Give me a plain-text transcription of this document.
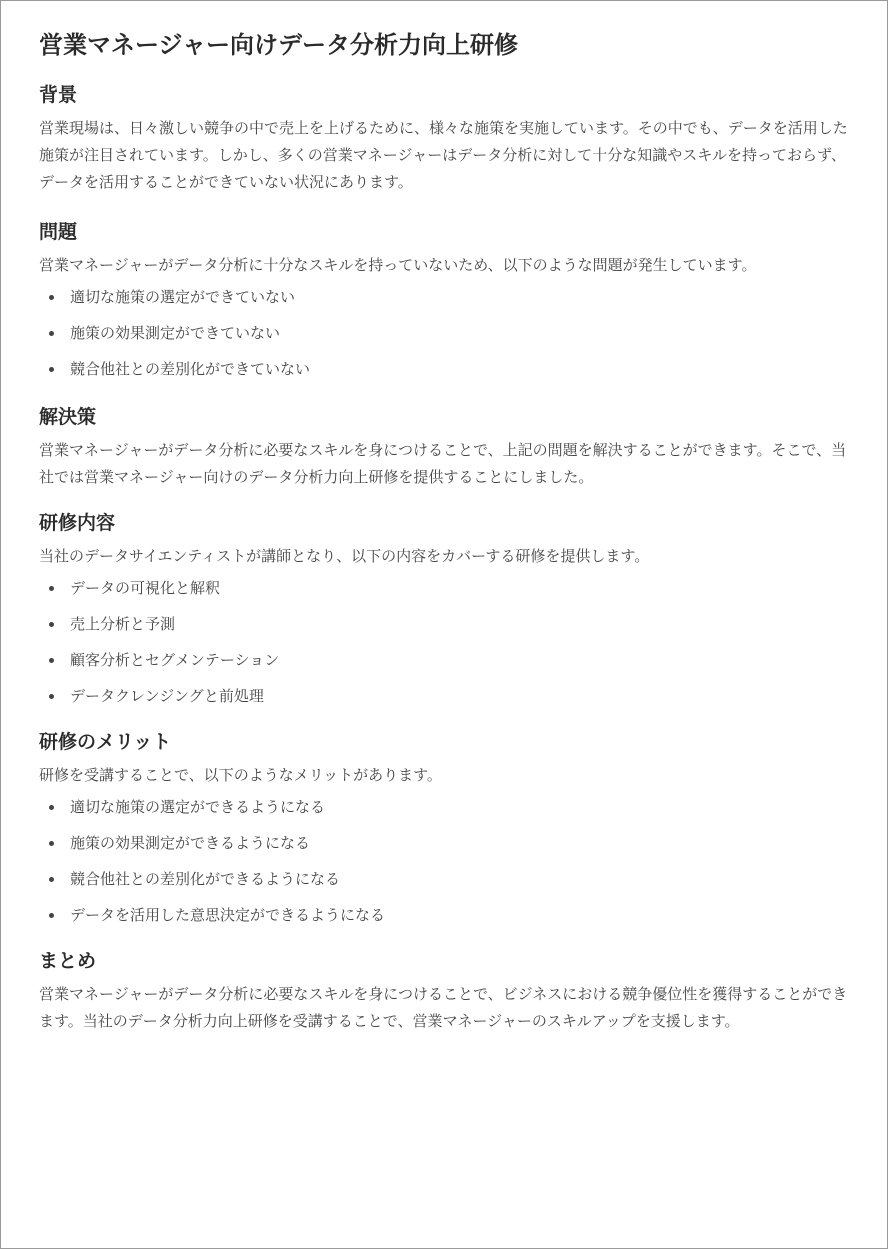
営業マネージャー向けデータ分析力向上研修
背景

営業現場は、日々激しい競争の中で売上を上げるために、様々な施策を実施しています。その中でも、データを活用した施策が注目されています。しかし、多くの営業マネージャーはデータ分析に対して十分な知識やスキルを持っておらず、データを活用することができていない状況にあります。

問題

営業マネージャーがデータ分析に十分なスキルを持っていないため、以下のような問題が発生しています。

適切な施策の選定ができていない
施策の効果測定ができていない
競合他社との差別化ができていない
解決策

営業マネージャーがデータ分析に必要なスキルを身につけることで、上記の問題を解決することができます。そこで、当社では営業マネージャー向けのデータ分析力向上研修を提供することにしました。

研修内容

当社のデータサイエンティストが講師となり、以下の内容をカバーする研修を提供します。

データの可視化と解釈
売上分析と予測
顧客分析とセグメンテーション
データクレンジングと前処理
研修のメリット

研修を受講することで、以下のようなメリットがあります。

適切な施策の選定ができるようになる
施策の効果測定ができるようになる
競合他社との差別化ができるようになる
データを活用した意思決定ができるようになる
まとめ

営業マネージャーがデータ分析に必要なスキルを身につけることで、ビジネスにおける競争優位性を獲得することができます。当社のデータ分析力向上研修を受講することで、営業マネージャーのスキルアップを支援します。
